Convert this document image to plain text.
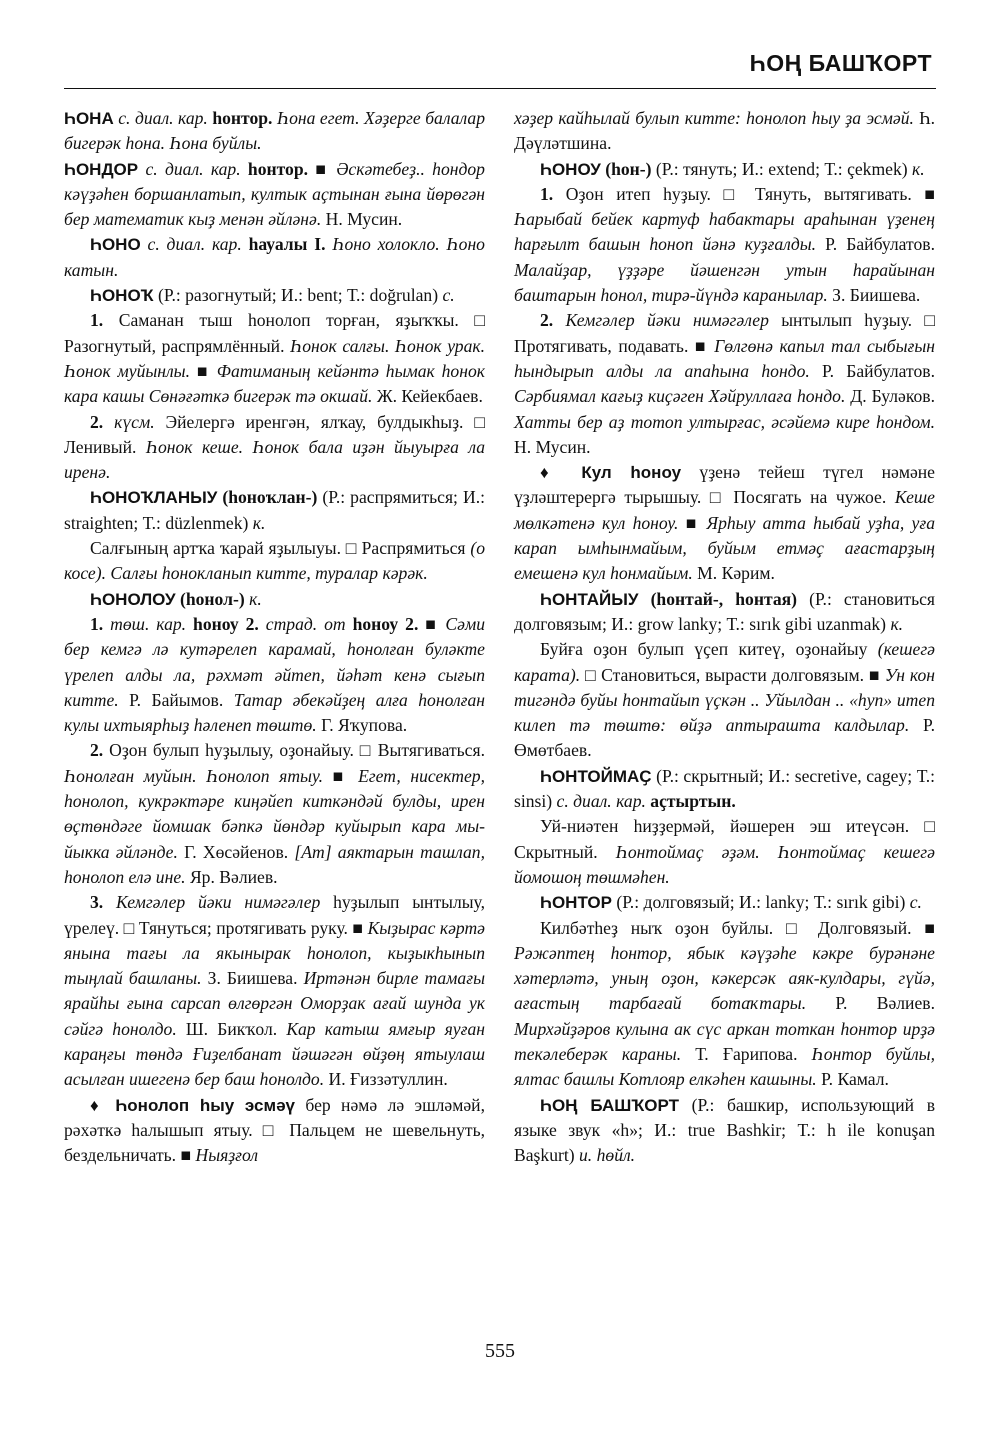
ҺОҢ БАШҠОРТ

ҺОНА с. диал. кар. һонтор. Һона егет. Хәҙерге балалар бигерәк һона. Һона буйлы.

ҺОНДОР с. диал. кар. һонтор. ■ Әскәтебеҙ.. һондор кәүҙәһен боршанлатып, култык аҫтынан ғына йөрөгән бер математик кыҙ менән әйләнә. Н. Мусин.

ҺОНО с. диал. кар. һауалы I. Һоно холокло. Һоно катын.

ҺОНОҠ (Р.: разогнутый; И.: bent; Т.: doğrulan) с.

1. Саманан тыш һонолоп торған, яҙыҡҡы. □ Разогнутый, распрямлённый. Һонок салғы. Һонок урак. Һонок муйынлы. ■ Фатиманың кейәнтә һымак һонок кара кашы Сөнәғәткә бигерәк тә окшай. Ж. Кейекбаев.

2. күсм. Эйелергә иренгән, ялҡау, булдыкһыҙ. □ Ленивый. Һонок кеше. Һонок бала иҙән йыуырға ла иренә.

ҺОНОҠЛАНЫУ (һоноҡлан-) (Р.: распрямиться; И.: straighten; Т.: düzlenmek) к.

Салғының артҡа ҡарай яҙылыуы. □ Распрямиться (о косе). Салғы һонокланып китте, туралар кәрәк.

ҺОНОЛОУ (һонол-) к.

1. төш. кар. һоноу 2. страд. от һоноу 2. ■ Сәми бер кемгә лә кутәрелеп карамай, һонолған буләкте үрелеп алды ла, рәхмәт әйтеп, йәһәт кенә сығып китте. Р. Байымов. Татар әбекәйҙең алға һонолған кулы ихтыярһыҙ һәленеп төштө. Г. Яҡупова.

2. Оҙон булып һуҙылыу, оҙонайыу. □ Вытягиваться. Һонолған муйын. Һонолоп ятыу. ■ Егет, нисектер, һонолоп, кукрәктәре киңәйеп киткәндәй булды, ирен өҫтөндәге йомшак бәпкә йөндәр куйырып кара мыйыкка әйләнде. Г. Хөсәйенов. [Ат] аяктарын ташлап, һонолоп елә ине. Яр. Вәлиев.

3. Кемгәлер йәки нимәгәлер һуҙылып ынтылыу, үрелеү. □ Тянуться; протягивать руку. ■ Кыҙырас кәртә янына тағы ла якынырак һонолоп, кыҙыкһынып тыңлай башланы. З. Биишева. Иртәнән бирле тамағы ярайһы ғына сарсап өлгөргән Оморҙак ағай шунда ук сәйгә һонолдо. Ш. Бикҡол. Кар катыш ямғыр яуған караңғы төндә Ғиҙелбанат йәшәгән өйҙөң ятыулаш асылған ишегенә бер баш һонолдо. И. Ғиззәтуллин.

♦ Һонолоп һыу эсмәү бер нәмә лә эшләмәй, рәхәткә һалышып ятыу. □ Пальцем не шевельнуть, бездельничать. ■ Ныяҙғол

хәҙер кайһылай булып китте: һонолоп һыу ҙа эсмәй. Һ. Дәүләтшина.

ҺОНОУ (һон-) (Р.: тянуть; И.: extend; Т.: çekmek) к.

1. Оҙон итеп һуҙыу. □ Тянуть, вытягивать. ■ Һарыбай бейек картуф һабактары араһынан үҙенең һарғылт башын һоноп йәнә куҙғалды. Р. Байбулатов. Малайҙар, үҙҙәре йәшенгән утын һарайынан баштарын һонол, тирә-йүндә каранылар. З. Биишева.

2. Кемгәлер йәки нимәгәлер ынтылып һуҙыу. □ Протягивать, подавать. ■ Гөлгөнә капыл тал сыбығын һындырып алды ла апаһына һондо. Р. Байбулатов. Сәрбиямал кағыҙ киҫәген Хәйруллаға һондо. Д. Буләков. Хатты бер аҙ тотоп ултырғас, әсәйемә кире һондом. Н. Мусин.

♦ Кул һоноу үҙенә тейеш түгел нәмәне үҙләштерергә тырышыу. □ Посягать на чужое. Кеше мөлкәтенә кул һоноу. ■ Ярһыу атта һыбай уҙһа, уға карап ымһынмайым, буйым етмәҫ ағастарҙың емешенә кул һонмайым. М. Кәрим.

ҺОНТАЙЫУ (һонтай-, һонтая) (Р.: становиться долговязым; И.: grow lanky; Т.: sırık gibi uzanmak) к.

Буйға оҙон булып үҫеп китеү, оҙонайыу (кешегә карата). □ Становиться, вырасти долговязым. ■ Ун кон тигәндә буйы һонтайып үҫкән .. Уйылдан .. «һуп» итеп килеп тә төштө: өйҙә аптырашта калдылар. Р. Өмөтбаев.

ҺОНТОЙМАҪ (Р.: скрытный; И.: secretive, cagey; Т.: sinsi) с. диал. кар. аҫтыртын.

Уй-ниәтен һиҙҙермәй, йәшерен эш итеүсән. □ Скрытный. Һонтоймаҫ әҙәм. Һонтоймаҫ кешегә йомошоң төшмәһен.

ҺОНТОР (Р.: долговязый; И.: lanky; Т.: sırık gibi) с.

Килбәтһеҙ ныҡ оҙон буйлы. □ Долговязый. ■ Рәжәптең һонтор, ябык кәүҙәһе кәкре бурәнәне хәтерләтә, уның оҙон, кәкерсәк аяк-кулдары, гүйә, ағастың тарбағай ботаҡтары. Р. Вәлиев. Мирхәйҙәров кулына ак сүс аркан тоткан һонтор ирҙә текәлеберәк караны. Т. Ғарипова. Һонтор буйлы, ялтас башлы Котлояр елкәһен кашыны. Р. Камал.

ҺОҢ БАШҠОРТ (Р.: башкир, использующий в языке звук «h»; И.: true Bashkir; Т.: h ile konuşan Başkurt) и. һөйл.

555
